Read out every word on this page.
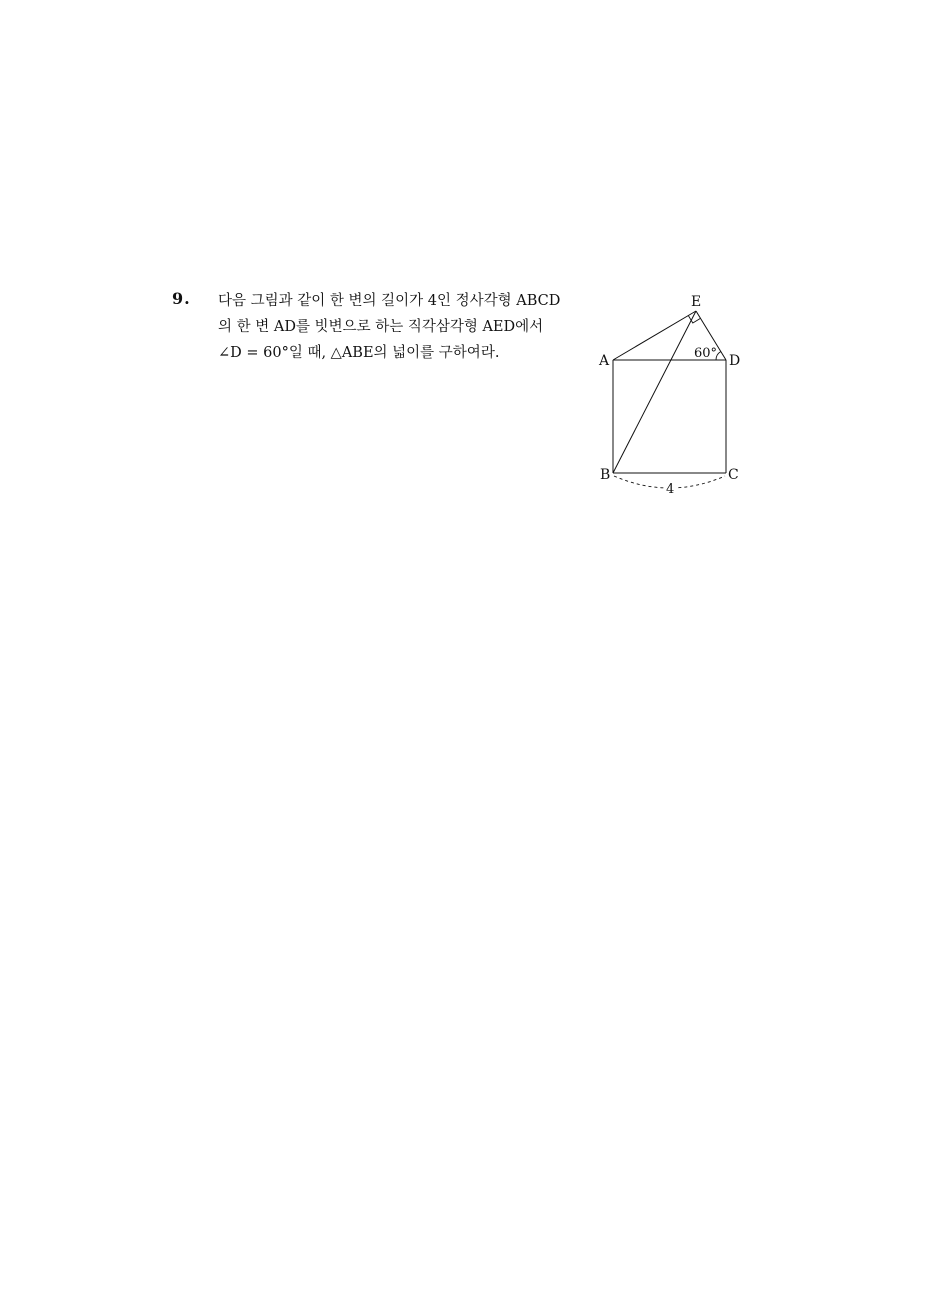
9. 다음 그림과 같이 한 변의 길이가 4인 정사각형 ABCD
의 한 변 AD를 빗변으로 하는 직각삼각형 AED에서
∠D = 60°일 때, △ABE의 넓이를 구하여라.
E
A	D
B	C
60°
4
